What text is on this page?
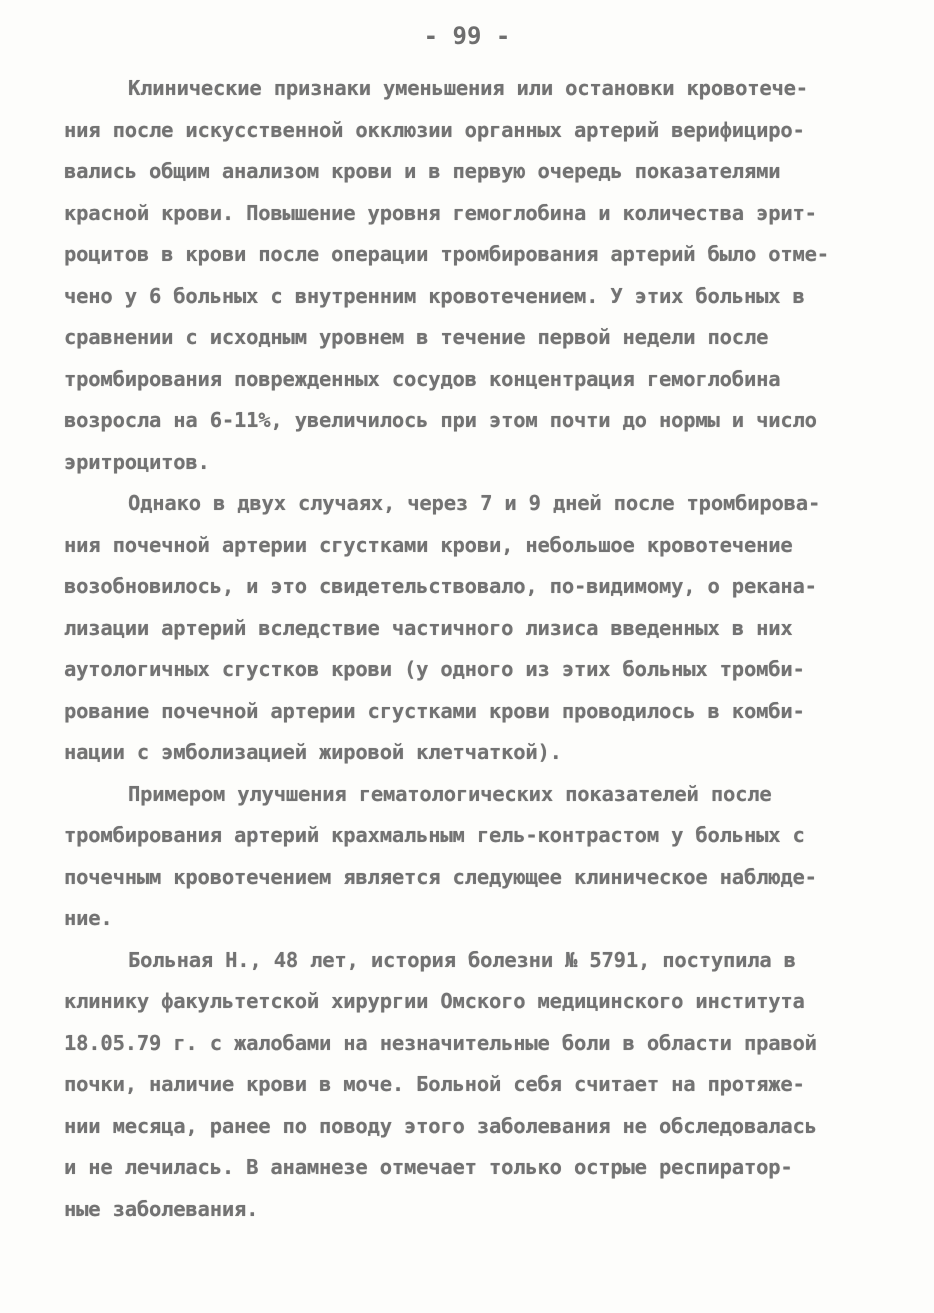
- 99 -
Клинические признаки уменьшения или остановки кровотече-
ния после искусственной окклюзии органных артерий верифициро-
вались общим анализом крови и в первую очередь показателями
красной крови. Повышение уровня гемоглобина и количества эрит-
роцитов в крови после операции тромбирования артерий было отме-
чено у 6 больных с внутренним кровотечением. У этих больных в
сравнении с исходным уровнем в течение первой недели после
тромбирования поврежденных сосудов концентрация гемоглобина
возросла на 6-11%, увеличилось при этом почти до нормы и число
эритроцитов.
Однако в двух случаях, через 7 и 9 дней после тромбирова-
ния почечной артерии сгустками крови, небольшое кровотечение
возобновилось, и это свидетельствовало, по-видимому, о рекана-
лизации артерий вследствие частичного лизиса введенных в них
аутологичных сгустков крови (у одного из этих больных тромби-
рование почечной артерии сгустками крови проводилось в комби-
нации с эмболизацией жировой клетчаткой).
Примером улучшения гематологических показателей после
тромбирования артерий крахмальным гель-контрастом у больных с
почечным кровотечением является следующее клиническое наблюде-
ние.
Больная Н., 48 лет, история болезни № 5791, поступила в
клинику факультетской хирургии Омского медицинского института
18.05.79 г. с жалобами на незначительные боли в области правой
почки, наличие крови в моче. Больной себя считает на протяже-
нии месяца, ранее по поводу этого заболевания не обследовалась
и не лечилась. В анамнезе отмечает только острые респиратор-
ные заболевания.
